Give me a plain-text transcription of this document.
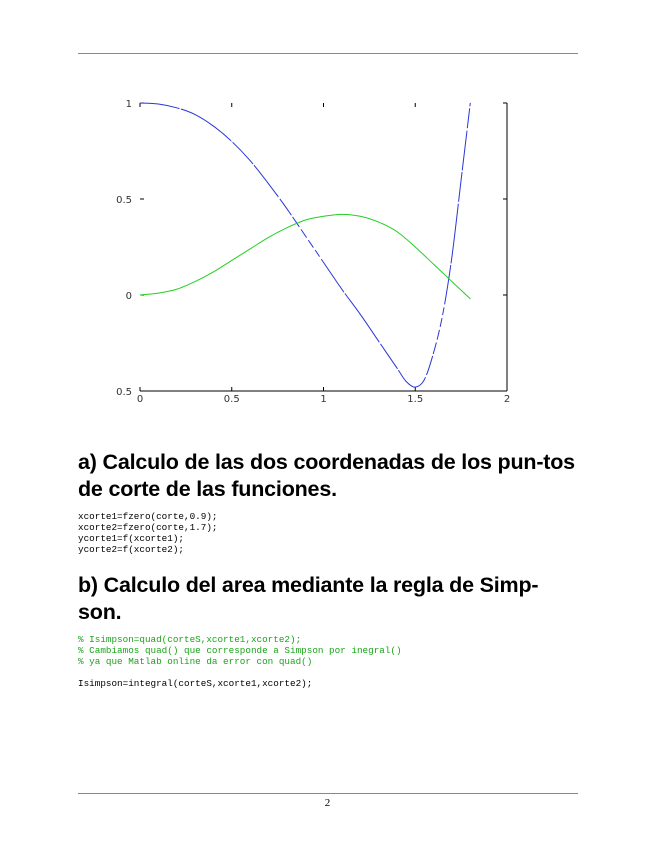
0	0.5	1	1.5	2
1
0.5
0
0.5
a) Calculo de las dos coordenadas de los pun-tos de corte de las funciones.
xcorte1=fzero(corte,0.9);
xcorte2=fzero(corte,1.7);
ycorte1=f(xcorte1);
ycorte2=f(xcorte2);
b) Calculo del area mediante la regla de Simp-son.
% Isimpson=quad(corteS,xcorte1,xcorte2);
% Cambiamos quad() que corresponde a Simpson por inegral()
% ya que Matlab online da error con quad()
Isimpson=integral(corteS,xcorte1,xcorte2);
2
